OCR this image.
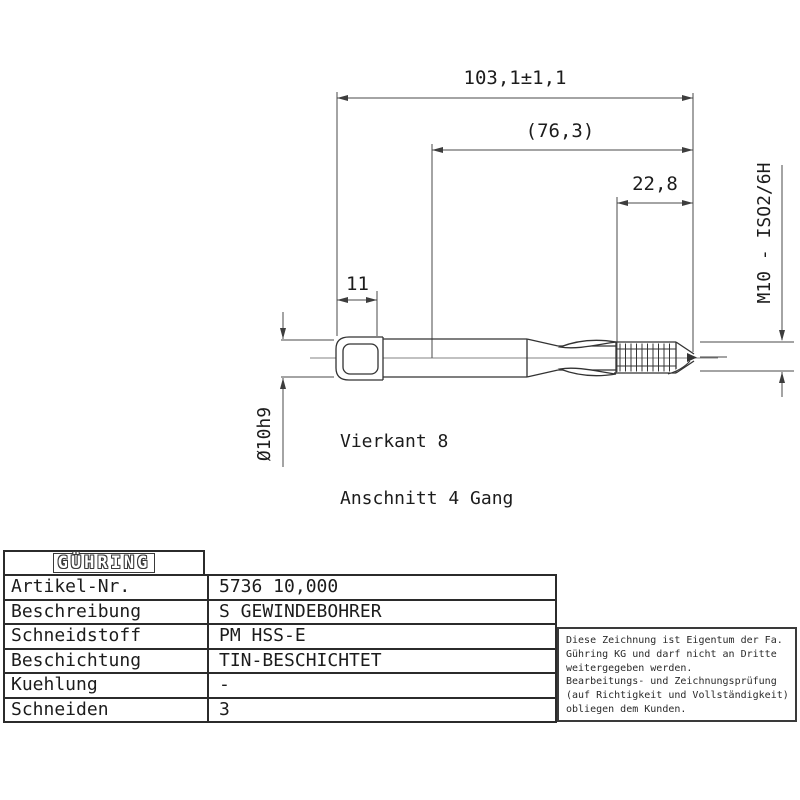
103,1±1,1
(76,3)
22,8
11	M10 - ISO2/6H
Ø10h9

	Vierkant 8

Anschnitt 4 Gang

GÜHRING
Artikel-Nr.	5736 10,000
Beschreibung	S GEWINDEBOHRER
Schneidstoff	PM HSS-E
Beschichtung	TIN-BESCHICHTET
Kuehlung	-
Schneiden	3
Diese Zeichnung ist Eigentum der Fa.
Gühring KG und darf nicht an Dritte
weitergegeben werden.
Bearbeitungs- und Zeichnungsprüfung
(auf Richtigkeit und Vollständigkeit)
obliegen dem Kunden.
